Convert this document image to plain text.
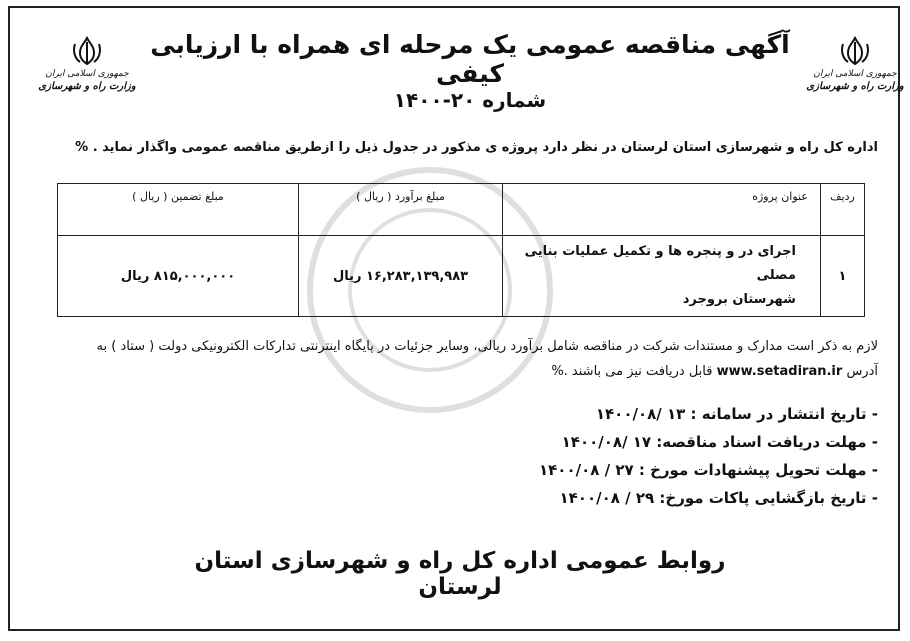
جمهوری اسلامی ایران
وزارت راه و شهرسازی
جمهوری اسلامی ایران
وزارت راه و شهرسازی
آگهی مناقصه عمومی یک مرحله ای همراه با ارزیابی کیفی
شماره ۲۰-۱۴۰۰
اداره کل راه و شهرسازی استان لرستان در نظر دارد پروژه ی مذکور در جدول ذیل را ازطریق مناقصه عمومی واگذار نماید . %
ردیف	عنوان پروژه	مبلغ برآورد ( ریال )	مبلغ تضمین ( ریال )
۱	اجرای در و پنجره ها و تکمیل عملیات بنایی مصلی
شهرستان بروجرد	۱۶,۲۸۳,۱۳۹,۹۸۳ ریال	۸۱۵,۰۰۰,۰۰۰ ریال
لازم به ذکر است مدارک و مستندات شرکت در مناقصه شامل برآورد ریالی، وسایر جزئیات در پایگاه اینترنتی تدارکات الکترونیکی دولت ( ستاد ) به
آدرس www.setadiran.ir قابل دریافت نیز می باشند .%
- تاریخ انتشار در سامانه : ۱۳ /۱۴۰۰/۰۸
- مهلت دریافت اسناد مناقصه: ۱۷ /۱۴۰۰/۰۸
- مهلت تحویل پیشنهادات مورخ : ۲۷ / ۱۴۰۰/۰۸
- تاریخ بازگشایی پاکات مورخ: ۲۹ / ۱۴۰۰/۰۸
روابط عمومی اداره کل راه و شهرسازی استان لرستان
